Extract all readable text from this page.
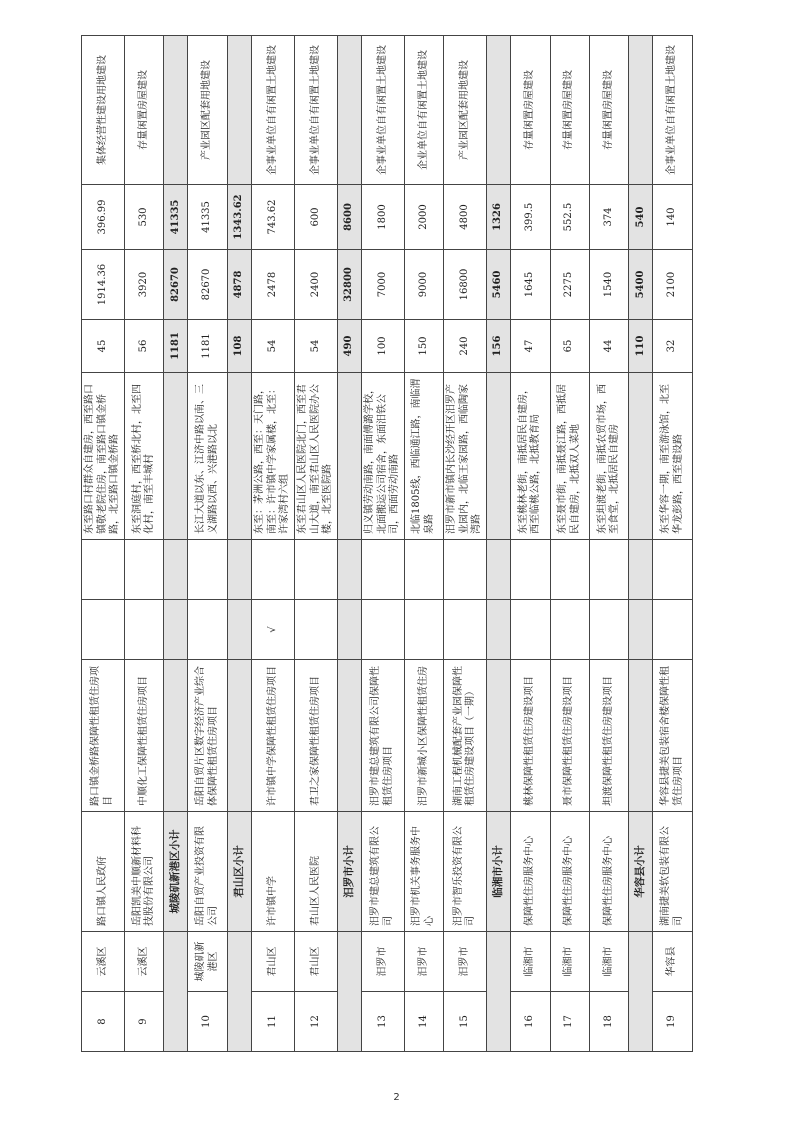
8	云溪区	路口镇人民政府	路口镇金桥路保障性租赁住房项目			东至路口村群众自建房，西至路口镇敬老院住房，南至路口镇金桥路，北至路口镇金桥路	45	1914.36	396.99	集体经营性建设用地建设
9	云溪区	岳阳凯美中顺新材料科技股份有限公司	中顺化工保障性租赁住房项目			东至洞庭村，西至桥北村，北至四化村，南至丰城村	56	3920	530	存量闲置房屋建设
		城陵矶新港区小计					1181	82670	41335	
10	城陵矶新港区	岳阳自贸产业投资有限公司	岳阳自贸片区数字经济产业综合体保障性租赁住房项目			长江大道以东、江济中路以南、三义湖路以西、兴港路以北	1181	82670	41335	产业园区配套用地建设
		君山区小计					108	4878	1343.62	
11	君山区	许市镇中学	许市镇中学保障性租赁住房项目	√		东至：茅洲公路，西至：天门路，南至：许市镇中学家属楼，北至：许家湾村六组	54	2478	743.62	企事业单位自有闲置土地建设
12	君山区	君山区人民医院	君卫之家保障性租赁住房项目			东至君山区人民医院北门，西至君山大道，南至君山区人民医院办公楼，北至医院路	54	2400	600	企事业单位自有闲置土地建设
		汨罗市小计					490	32800	8600	
13	汨罗市	汨罗市建总建筑有限公司	汨罗市建总建筑有限公司保障性租赁住房项目			归义镇劳动南路，南面傅潞学校，北面搬运公司宿舍，东面汨铁公司，西面劳动南路	100	7000	1800	企事业单位自有闲置土地建设
14	汨罗市	汨罗市机关事务服务中心	汨罗市新城小区保障性租赁住房			北临1805线，西临通江路，南临渭泉路	150	9000	2000	企业单位自有闲置土地建设
15	汨罗市	汨罗市智乐投资有限公司	湖南工程机械配套产业园保障性租赁住房建设项目（一期）			汨罗市新市镇内长沙经开区汨罗产业园内，北临王家园路，西临陶家湾路	240	16800	4800	产业园区配套用地建设
		临湘市小计					156	5460	1326	
16	临湘市	保障性住房服务中心	桃林保障性租赁住房建设项目			东至桃林老街，南抵居民自建房，西至临桃公路，北抵教育局	47	1645	399.5	存量闲置房屋建设
17	临湘市	保障性住房服务中心	聂市保障性租赁住房建设项目			东至聂市街，南抵聂江路，西抵居民自建房，北抵双人菜地	65	2275	552.5	存量闲置房屋建设
18	临湘市	保障性住房服务中心	坦渡保障性租赁住房建设项目			东至坦渡老街，南抵农贸市场，西至食堂，北抵居民自建房	44	1540	374	存量闲置房屋建设
		华容县小计					110	5400	540	
19	华容县	湖南捷美软包装有限公司	华容县捷美包装宿舍楼保障性租赁住房项目			东至华容一期，南至游泳馆，北至华龙彭路，西至建设路	32	2100	140	企事业单位自有闲置土地建设
2
